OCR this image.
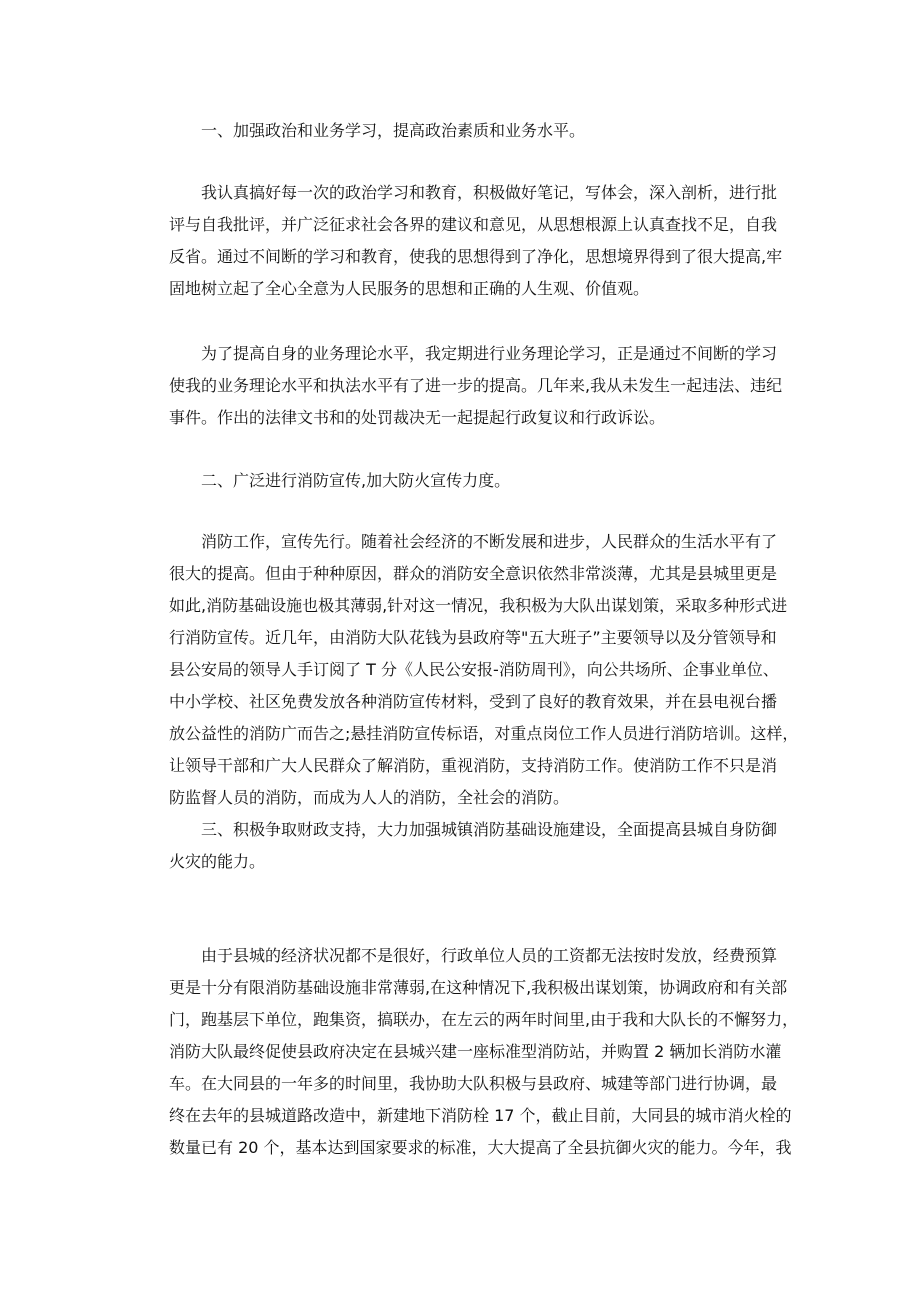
一、加强政治和业务学习，提高政治素质和业务水平。
我认真搞好每一次的政治学习和教育，积极做好笔记，写体会，深入剖析，进行批
评与自我批评，并广泛征求社会各界的建议和意见，从思想根源上认真查找不足，自我
反省。通过不间断的学习和教育，使我的思想得到了净化，思想境界得到了很大提高,牢
固地树立起了全心全意为人民服务的思想和正确的人生观、价值观。
为了提高自身的业务理论水平，我定期进行业务理论学习，正是通过不间断的学习
使我的业务理论水平和执法水平有了进一步的提高。几年来,我从未发生一起违法、违纪
事件。作出的法律文书和的处罚裁决无一起提起行政复议和行政诉讼。
二、广泛进行消防宣传,加大防火宣传力度。
消防工作，宣传先行。随着社会经济的不断发展和进步，人民群众的生活水平有了
很大的提高。但由于种种原因，群众的消防安全意识依然非常淡薄，尤其是县城里更是
如此,消防基础设施也极其薄弱,针对这一情况，我积极为大队出谋划策，采取多种形式进
行消防宣传。近几年，由消防大队花钱为县政府等"五大班子”主要领导以及分管领导和
县公安局的领导人手订阅了 T 分《人民公安报-消防周刊》，向公共场所、企事业单位、
中小学校、社区免费发放各种消防宣传材料，受到了良好的教育效果，并在县电视台播
放公益性的消防广而告之;悬挂消防宣传标语，对重点岗位工作人员进行消防培训。这样，
让领导干部和广大人民群众了解消防，重视消防，支持消防工作。使消防工作不只是消
防监督人员的消防，而成为人人的消防，全社会的消防。
三、积极争取财政支持，大力加强城镇消防基础设施建设，全面提高县城自身防御
火灾的能力。
由于县城的经济状况都不是很好，行政单位人员的工资都无法按时发放，经费预算
更是十分有限消防基础设施非常薄弱,在这种情况下,我积极出谋划策，协调政府和有关部
门，跑基层下单位，跑集资，搞联办，在左云的两年时间里,由于我和大队长的不懈努力，
消防大队最终促使县政府决定在县城兴建一座标准型消防站，并购置 2 辆加长消防水灌
车。在大同县的一年多的时间里，我协助大队积极与县政府、城建等部门进行协调，最
终在去年的县城道路改造中，新建地下消防栓 17 个，截止目前，大同县的城市消火栓的
数量已有 20 个，基本达到国家要求的标准，大大提高了全县抗御火灾的能力。今年，我
